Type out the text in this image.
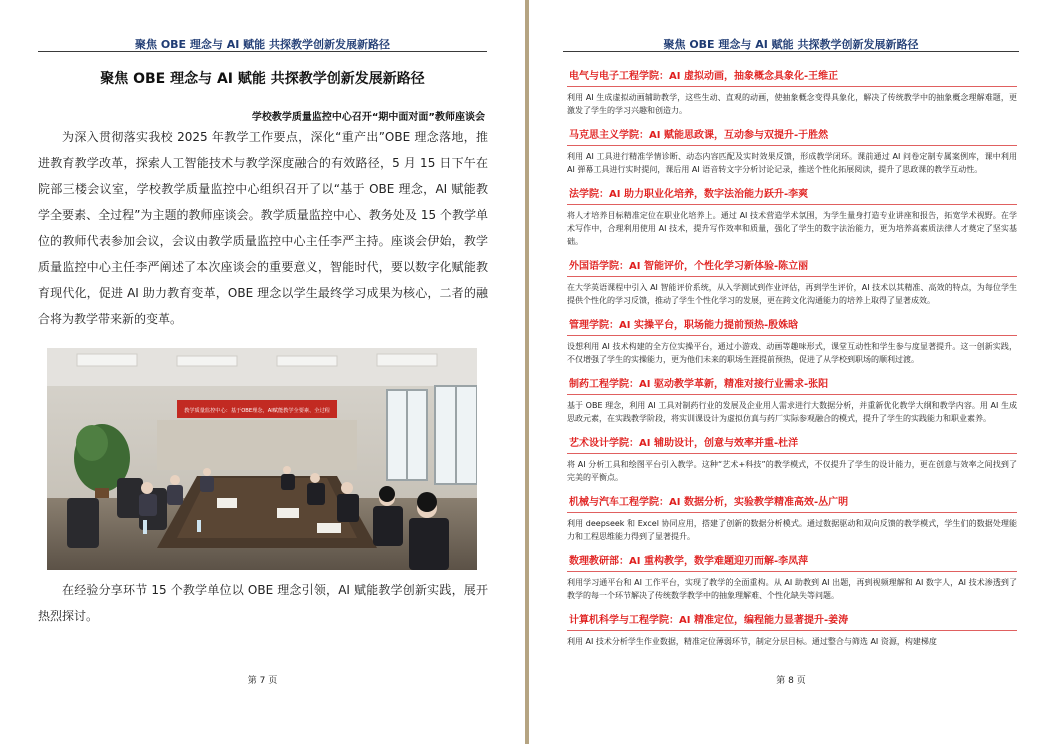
聚焦 OBE 理念与 AI 赋能 共探教学创新发展新路径
聚焦 OBE 理念与 AI 赋能 共探教学创新发展新路径
学校教学质量监控中心召开“期中面对面”教师座谈会

为深入贯彻落实我校 2025 年教学工作要点，深化“重产出”OBE 理念落地，推进教育教学改革，探索人工智能技术与教学深度融合的有效路径，5 月 15 日下午在院部三楼会议室，学校教学质量监控中心组织召开了以“基于 OBE 理念，AI 赋能教学全要素、全过程”为主题的教师座谈会。教学质量监控中心、教务处及 15 个教学单位的教师代表参加会议，会议由教学质量监控中心主任李严主持。座谈会伊始，教学质量监控中心主任李严阐述了本次座谈会的重要意义，智能时代，要以数字化赋能教育现代化，促进 AI 助力教育变革，OBE 理念以学生最终学习成果为核心，二者的融合将为教学带来新的变革。

教学质量监控中心：基于OBE理念，AI赋能教学全要素、全过程

在经验分享环节 15 个教学单位以 OBE 理念引领，AI 赋能教学创新实践，展开热烈探讨。

第 7 页
聚焦 OBE 理念与 AI 赋能 共探教学创新发展新路径
电气与电子工程学院：AI 虚拟动画，抽象概念具象化-王维正

利用 AI 生成虚拟动画辅助教学，这些生动、直观的动画，使抽象概念变得具象化，解决了传统教学中的抽象概念理解难题，更激发了学生的学习兴趣和创造力。

马克思主义学院：AI 赋能思政课，互动参与双提升-于胜然

利用 AI 工具进行精准学情诊断、动态内容匹配及实时效果反馈，形成教学闭环。课前通过 AI 问卷定制专属案例库，课中利用 AI 弹幕工具进行实时提问，课后用 AI 语音转文字分析讨论记录，推送个性化拓展阅读，提升了思政课的教学互动性。

法学院：AI 助力职业化培养，数字法治能力跃升-李爽

将人才培养目标精准定位在职业化培养上。通过 AI 技术营造学术氛围，为学生量身打造专业讲座和报告，拓宽学术视野。在学术写作中，合理利用使用 AI 技术，提升写作效率和质量，强化了学生的数字法治能力，更为培养高素质法律人才奠定了坚实基础。

外国语学院：AI 智能评价，个性化学习新体验-陈立丽

在大学英语课程中引入 AI 智能评价系统，从入学测试到作业评估，再到学生评价，AI 技术以其精准、高效的特点，为每位学生提供个性化的学习反馈，推动了学生个性化学习的发展，更在跨文化沟通能力的培养上取得了显著成效。

管理学院：AI 实操平台，职场能力提前预热-殷姝晗

设想利用 AI 技术构建的全方位实操平台，通过小游戏、动画等趣味形式，课堂互动性和学生参与度显著提升。这一创新实践，不仅增强了学生的实操能力，更为他们未来的职场生涯提前预热，促进了从学校到职场的顺利过渡。

制药工程学院：AI 驱动教学革新，精准对接行业需求-张阳

基于 OBE 理念，利用 AI 工具对制药行业的发展及企业用人需求进行大数据分析，并重新优化教学大纲和教学内容。用 AI 生成思政元素，在实践教学阶段，将实训课设计为虚拟仿真与药厂实际参观融合的模式，提升了学生的实践能力和职业素养。

艺术设计学院：AI 辅助设计，创意与效率并重-杜洋

将 AI 分析工具和绘图平台引入教学。这种“艺术+科技”的教学模式，不仅提升了学生的设计能力，更在创意与效率之间找到了完美的平衡点。

机械与汽车工程学院：AI 数据分析，实验教学精准高效-丛广明

利用 deepseek 和 Excel 协同应用，搭建了创新的数据分析模式。通过数据驱动和双向反馈的教学模式，学生们的数据处理能力和工程思维能力得到了显著提升。

数理教研部：AI 重构教学，数学难题迎刃而解-李凤萍

利用学习通平台和 AI 工作平台，实现了教学的全面重构。从 AI 助教到 AI 出题，再到视频理解和 AI 数字人，AI 技术渗透到了教学的每一个环节解决了传统数学教学中的抽象理解难、个性化缺失等问题。

计算机科学与工程学院：AI 精准定位，编程能力显著提升-姜涛

利用 AI 技术分析学生作业数据，精准定位薄弱环节，制定分层目标。通过整合与筛选 AI 资源，构建梯度

第 8 页
